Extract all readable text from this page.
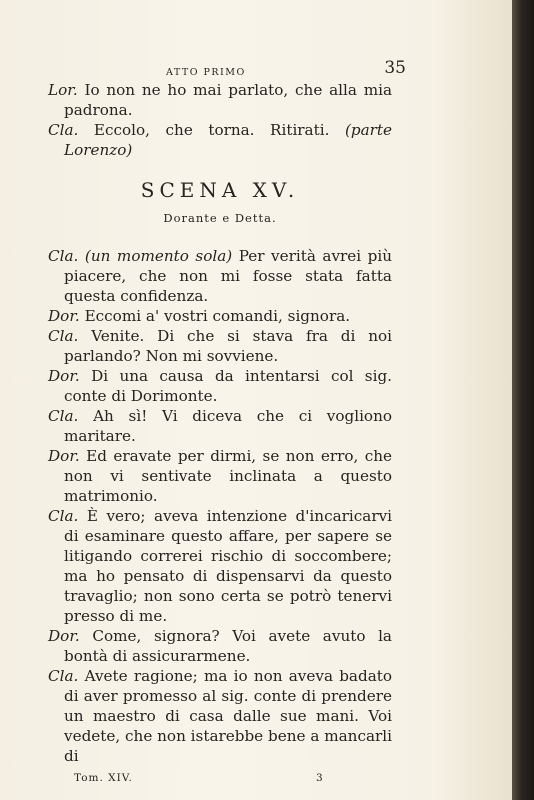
ATTO PRIMO	35

Lor. Io non ne ho mai parlato, che alla mia padrona.

Cla. Eccolo, che torna. Ritirati. (parte Lorenzo)

SCENA XV.
Dorante e Detta.

Cla. (un momento sola) Per verità avrei più piacere, che non mi fosse stata fatta questa confidenza.

Dor. Eccomi a' vostri comandi, signora.

Cla. Venite. Di che si stava fra di noi parlando? Non mi sovviene.

Dor. Di una causa da intentarsi col sig. conte di Dorimonte.

Cla. Ah sì! Vi diceva che ci vogliono maritare.

Dor. Ed eravate per dirmi, se non erro, che non vi sentivate inclinata a questo matrimonio.

Cla. È vero; aveva intenzione d'incaricarvi di esaminare questo affare, per sapere se litigando correrei rischio di soccombere; ma ho pensato di dispensarvi da questo travaglio; non sono certa se potrò tenervi presso di me.

Dor. Come, signora? Voi avete avuto la bontà di assicurarmene.

Cla. Avete ragione; ma io non aveva badato di aver promesso al sig. conte di prendere un maestro di casa dalle sue mani. Voi vedete, che non istarebbe bene a mancarli di

Tom. XIV.	3
